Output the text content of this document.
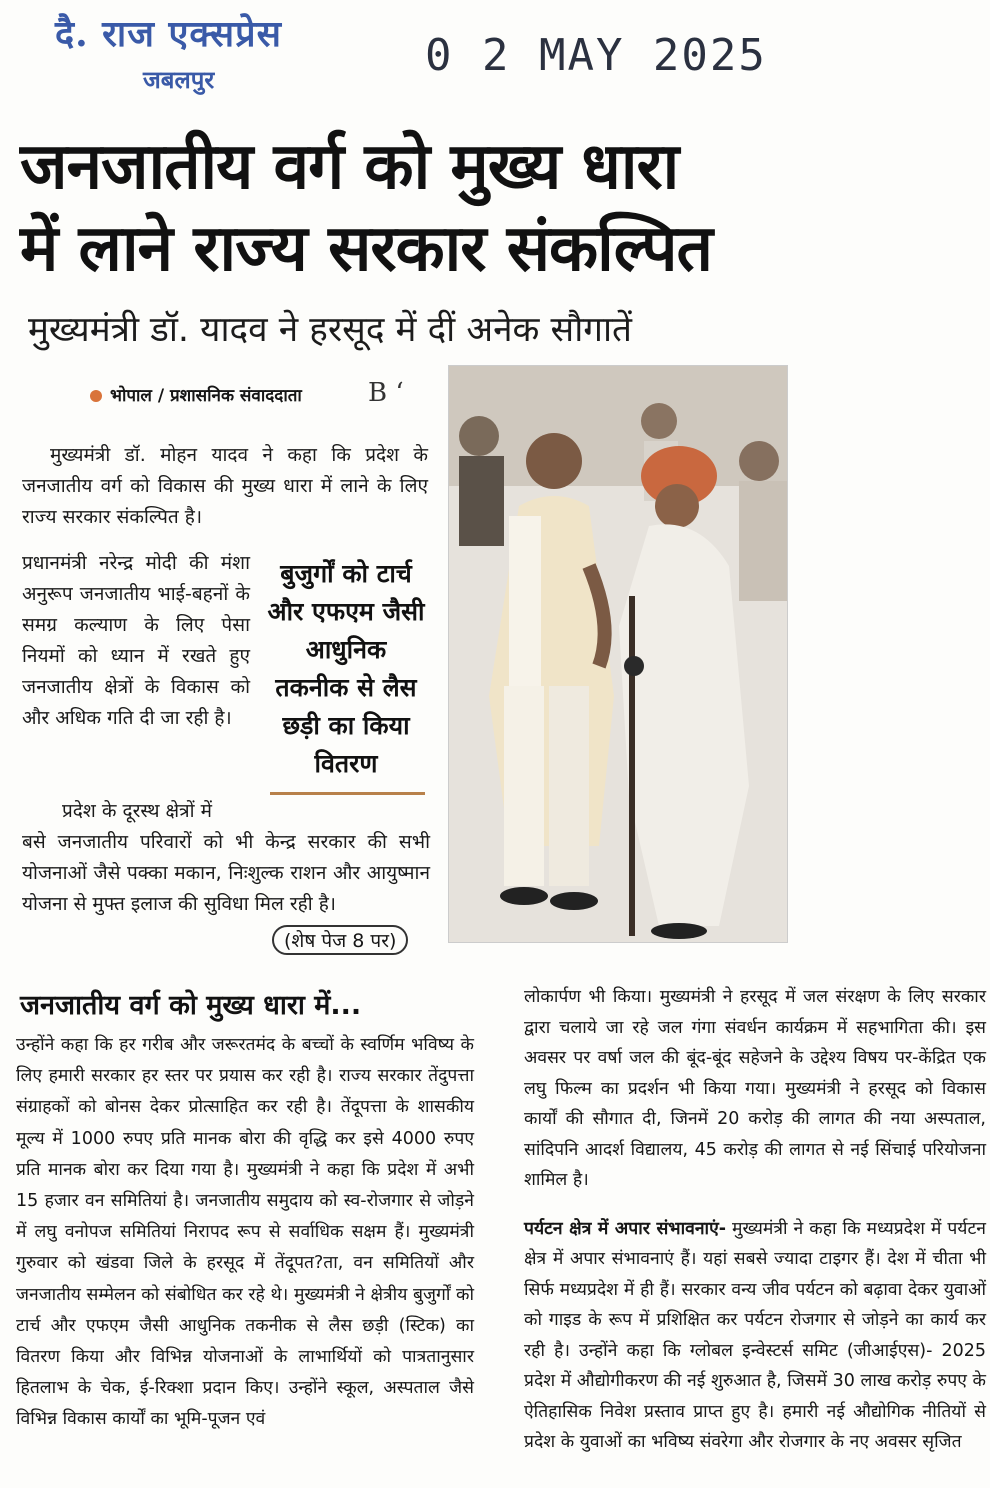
दै. राज एक्सप्रेस
जबलपुर	0 2 MAY 2025
जनजातीय वर्ग को मुख्य धारा
में लाने राज्य सरकार संकल्पित
मुख्यमंत्री डॉ. यादव ने हरसूद में दीं अनेक सौगातें
भोपाल / प्रशासनिक संवाददाता	B ‘
मुख्यमंत्री डॉ. मोहन यादव ने कहा कि प्रदेश के जनजातीय वर्ग को विकास की मुख्य धारा में लाने के लिए राज्य सरकार संकल्पित है।
प्रधानमंत्री नरेन्द्र मोदी की मंशा अनुरूप जनजातीय भाई-बहनों के समग्र कल्याण के लिए पेसा नियमों को ध्यान में रखते हुए जनजातीय क्षेत्रों के विकास को और अधिक गति दी जा रही है।
प्रदेश के दूरस्थ क्षेत्रों में
बसे जनजातीय परिवारों को भी केन्द्र सरकार की सभी योजनाओं जैसे पक्का मकान, निःशुल्क राशन और आयुष्मान योजना से मुफ्त इलाज की सुविधा मिल रही है।
(शेष पेज 8 पर)
बुजुर्गों को टार्च और एफएम जैसी आधुनिक तकनीक से लैस छड़ी का किया वितरण
जनजातीय वर्ग को मुख्य धारा में...
उन्होंने कहा कि हर गरीब और जरूरतमंद के बच्चों के स्वर्णिम भविष्य के लिए हमारी सरकार हर स्तर पर प्रयास कर रही है। राज्य सरकार तेंदुपत्ता संग्राहकों को बोनस देकर प्रोत्साहित कर रही है। तेंदूपत्ता के शासकीय मूल्य में 1000 रुपए प्रति मानक बोरा की वृद्धि कर इसे 4000 रुपए प्रति मानक बोरा कर दिया गया है। मुख्यमंत्री ने कहा कि प्रदेश में अभी 15 हजार वन समितियां है। जनजातीय समुदाय को स्व-रोजगार से जोड़ने में लघु वनोपज समितियां निरापद रूप से सर्वाधिक सक्षम हैं। मुख्यमंत्री गुरुवार को खंडवा जिले के हरसूद में तेंदूपत?ता, वन समितियों और जनजातीय सम्मेलन को संबोधित कर रहे थे। मुख्यमंत्री ने क्षेत्रीय बुजुर्गों को टार्च और एफएम जैसी आधुनिक तकनीक से लैस छड़ी (स्टिक) का वितरण किया और विभिन्न योजनाओं के लाभार्थियों को पात्रतानुसार हितलाभ के चेक, ई-रिक्शा प्रदान किए। उन्होंने स्कूल, अस्पताल जैसे विभिन्न विकास कार्यों का भूमि-पूजन एवं
लोकार्पण भी किया। मुख्यमंत्री ने हरसूद में जल संरक्षण के लिए सरकार द्वारा चलाये जा रहे जल गंगा संवर्धन कार्यक्रम में सहभागिता की। इस अवसर पर वर्षा जल की बूंद-बूंद सहेजने के उद्देश्य विषय पर-केंद्रित एक लघु फिल्म का प्रदर्शन भी किया गया। मुख्यमंत्री ने हरसूद को विकास कार्यों की सौगात दी, जिनमें 20 करोड़ की लागत की नया अस्पताल, सांदिपनि आदर्श विद्यालय, 45 करोड़ की लागत से नई सिंचाई परियोजना शामिल है।
पर्यटन क्षेत्र में अपार संभावनाएं- मुख्यमंत्री ने कहा कि मध्यप्रदेश में पर्यटन क्षेत्र में अपार संभावनाएं हैं। यहां सबसे ज्यादा टाइगर हैं। देश में चीता भी सिर्फ मध्यप्रदेश में ही हैं। सरकार वन्य जीव पर्यटन को बढ़ावा देकर युवाओं को गाइड के रूप में प्रशिक्षित कर पर्यटन रोजगार से जोड़ने का कार्य कर रही है। उन्होंने कहा कि ग्लोबल इन्वेस्टर्स समिट (जीआईएस)- 2025 प्रदेश में औद्योगीकरण की नई शुरुआत है, जिसमें 30 लाख करोड़ रुपए के ऐतिहासिक निवेश प्रस्ताव प्राप्त हुए है। हमारी नई औद्योगिक नीतियों से प्रदेश के युवाओं का भविष्य संवरेगा और रोजगार के नए अवसर सृजित
